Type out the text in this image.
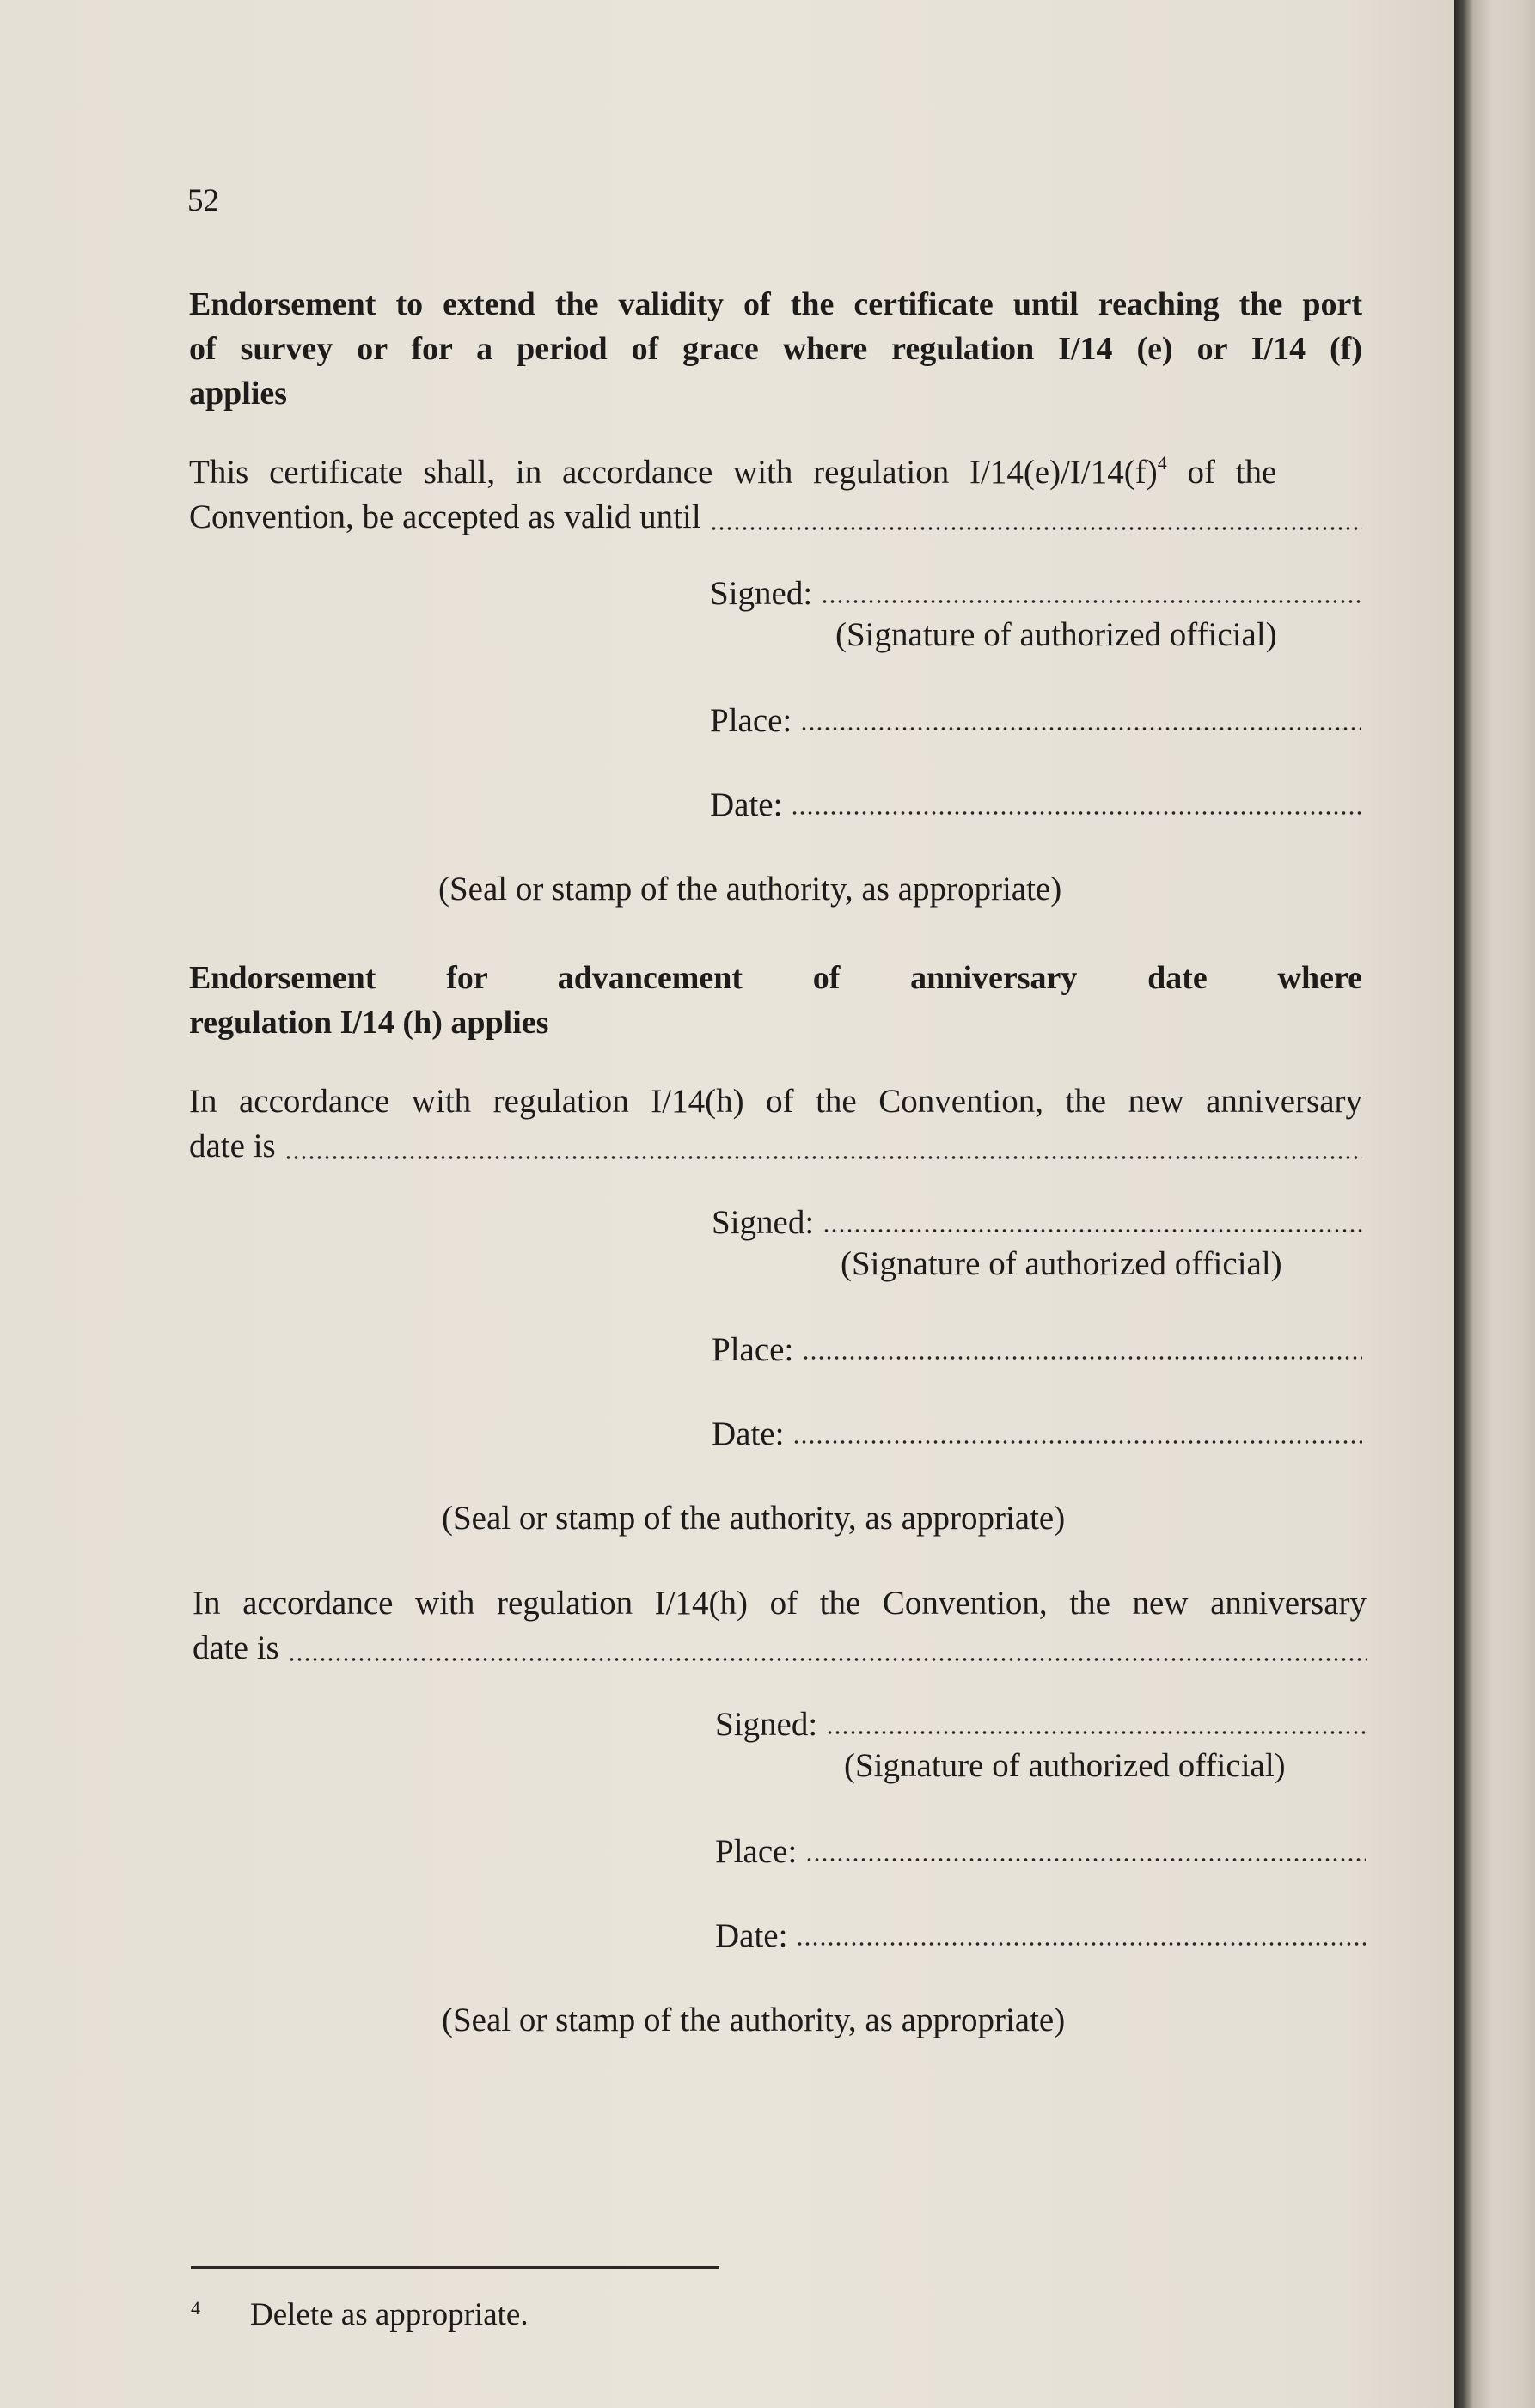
52
Endorsement to extend the validity of the certificate until reaching the port
of survey or for a period of grace where regulation I/14 (e) or I/14 (f)
applies
This certificate shall, in accordance with regulation $I/14(e)/I/14(f)^4$ of the
Convention, be accepted as valid until
Signed:
(Signature of authorized official)
Place:
Date:
(Seal or stamp of the authority, as appropriate)
Endorsement for advancement of anniversary date where
regulation I/14 (h) applies
In accordance with regulation I/14(h) of the Convention, the new anniversary
date is
Signed:
(Signature of authorized official)
Place:
Date:
(Seal or stamp of the authority, as appropriate)
In accordance with regulation I/14(h) of the Convention, the new anniversary
date is
Signed:
(Signature of authorized official)
Place:
Date:
(Seal or stamp of the authority, as appropriate)
$^4$ Delete as appropriate.
